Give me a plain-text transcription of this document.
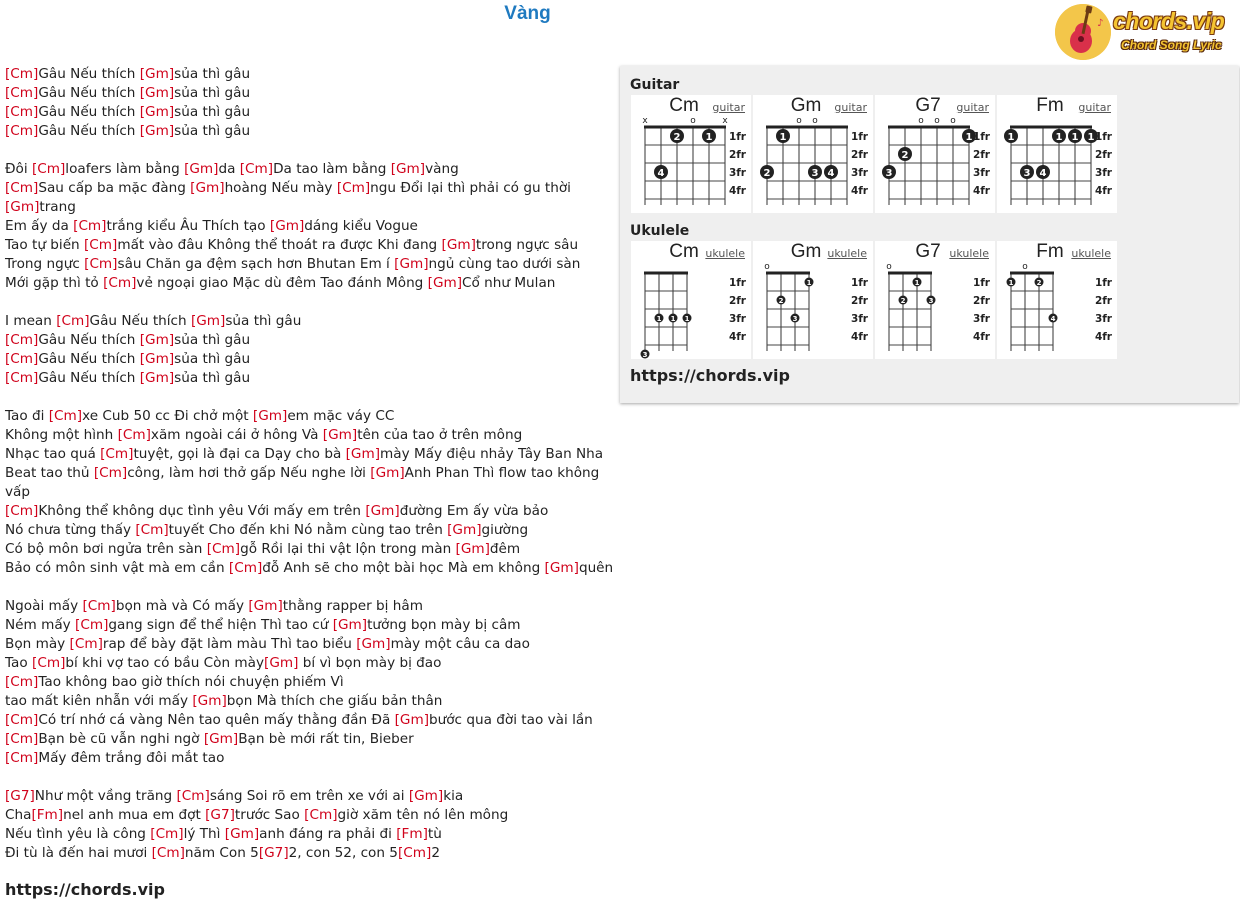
Vàng	♪ chords.vip
Chord Song Lyric
[Cm]Gâu Nếu thích [Gm]sủa thì gâu
[Cm]Gâu Nếu thích [Gm]sủa thì gâu
[Cm]Gâu Nếu thích [Gm]sủa thì gâu
[Cm]Gâu Nếu thích [Gm]sủa thì gâu
Đôi [Cm]loafers làm bằng [Gm]da [Cm]Da tao làm bằng [Gm]vàng
[Cm]Sau cấp ba mặc đàng [Gm]hoàng Nếu mày [Cm]ngu Đổi lại thì phải có gu thời
[Gm]trang
Em ấy da [Cm]trắng kiểu Âu Thích tạo [Gm]dáng kiểu Vogue
Tao tự biến [Cm]mất vào đâu Không thể thoát ra được Khi đang [Gm]trong ngực sâu
Trong ngực [Cm]sâu Chăn ga đệm sạch hơn Bhutan Em í [Gm]ngủ cùng tao dưới sàn
Mới gặp thì tỏ [Cm]vẻ ngoại giao Mặc dù đêm Tao đánh Mông [Gm]Cổ như Mulan
I mean [Cm]Gâu Nếu thích [Gm]sủa thì gâu
[Cm]Gâu Nếu thích [Gm]sủa thì gâu
[Cm]Gâu Nếu thích [Gm]sủa thì gâu
[Cm]Gâu Nếu thích [Gm]sủa thì gâu
Tao đi [Cm]xe Cub 50 cc Đi chở một [Gm]em mặc váy CC
Không một hình [Cm]xăm ngoài cái ở hông Và [Gm]tên của tao ở trên mông
Nhạc tao quá [Cm]tuyệt, gọi là đại ca Dạy cho bà [Gm]mày Mấy điệu nhảy Tây Ban Nha
Beat tao thủ [Cm]công, làm hơi thở gấp Nếu nghe lời [Gm]Anh Phan Thì flow tao không vấp
[Cm]Không thể không dục tình yêu Với mấy em trên [Gm]đường Em ấy vừa bảo
Nó chưa từng thấy [Cm]tuyết Cho đến khi Nó nằm cùng tao trên [Gm]giường
Có bộ môn bơi ngửa trên sàn [Cm]gỗ Rồi lại thi vật lộn trong màn [Gm]đêm
Bảo có môn sinh vật mà em cần [Cm]đỗ Anh sẽ cho một bài học Mà em không [Gm]quên
Ngoài mấy [Cm]bọn mà và Có mấy [Gm]thằng rapper bị hâm
Ném mấy [Cm]gang sign để thể hiện Thì tao cứ [Gm]tưởng bọn mày bị câm
Bọn mày [Cm]rap để bày đặt làm màu Thì tao biểu [Gm]mày một câu ca dao
Tao [Cm]bí khi vợ tao có bầu Còn mày[Gm] bí vì bọn mày bị đao
[Cm]Tao không bao giờ thích nói chuyện phiếm Vì
tao mất kiên nhẫn với mấy [Gm]bọn Mà thích che giấu bản thân
[Cm]Có trí nhớ cá vàng Nên tao quên mấy thằng đần Đã [Gm]bước qua đời tao vài lần
[Cm]Bạn bè cũ vẫn nghi ngờ [Gm]Bạn bè mới rất tin, Bieber
[Cm]Mấy đêm trắng đôi mắt tao
[G7]Như một vầng trăng [Cm]sáng Soi rõ em trên xe với ai [Gm]kia
Cha[Fm]nel anh mua em đợt [G7]trước Sao [Cm]giờ xăm tên nó lên mông
Nếu tình yêu là công [Cm]lý Thì [Gm]anh đáng ra phải đi [Fm]tù
Đi tù là đến hai mươi [Cm]năm Con 5[G7]2, con 52, con 5[Cm]2
https://chords.vip
Guitar
Cm	guitar
x	o	x
2	1
4
1fr
2fr
3fr
4fr
Gm	guitar
o o
1
2	3 4
1fr
2fr
3fr
4fr
G7	guitar
o o o
1
2
3
1fr
2fr
3fr
4fr
Fm	guitar
1	1 1 1
3 4
1fr
2fr
3fr
4fr
Ukulele
Cm ukulele
3
1 1 1
1fr
2fr
3fr
4fr
Gm ukulele
o
2
3
1	1fr
2fr
3fr
4fr
G7 ukulele
o
2
1
3
1fr
2fr
3fr
4fr
Fm ukulele
o
1	2
4
1fr
2fr
3fr
4fr
https://chords.vip
